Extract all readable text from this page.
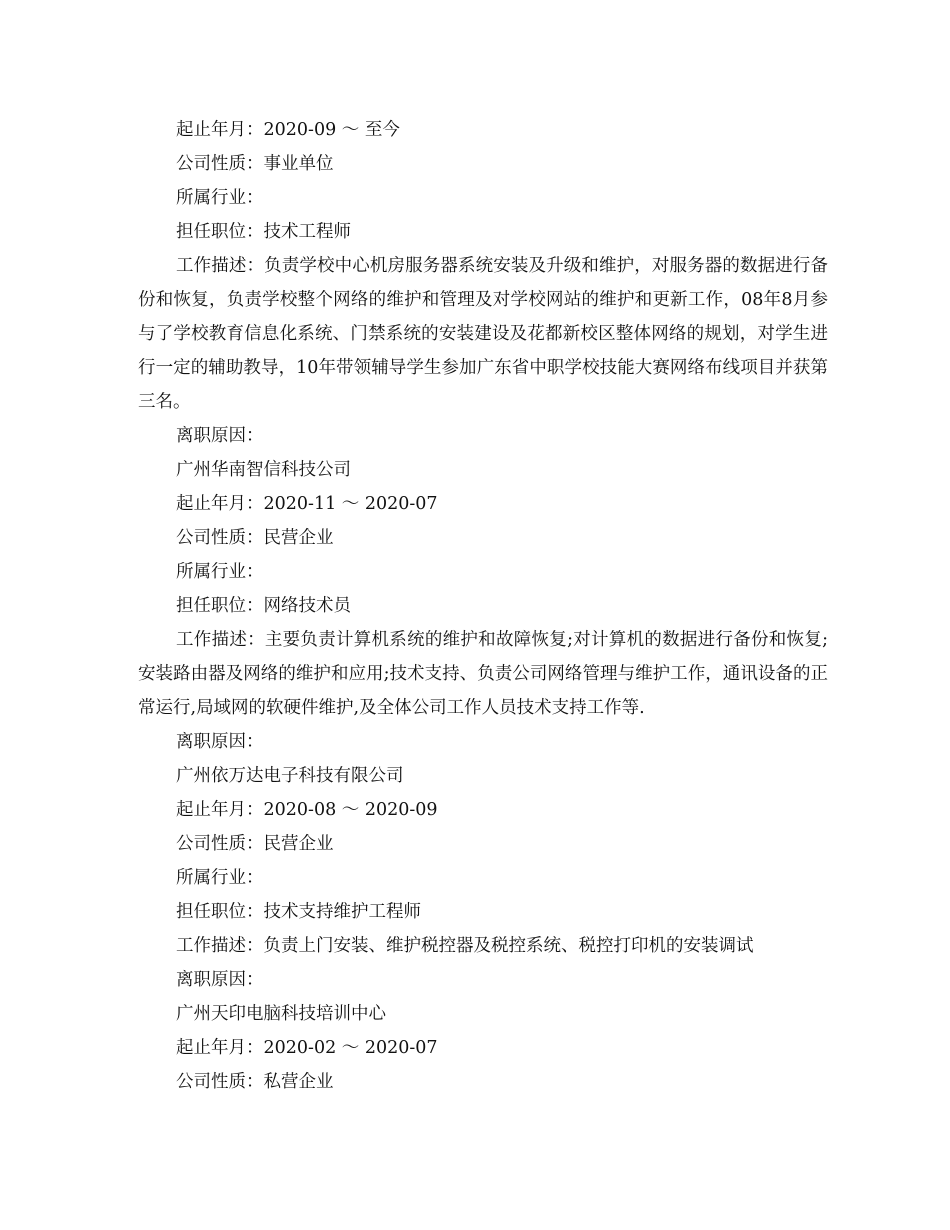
起止年月：2020-09 ～ 至今
公司性质：事业单位
所属行业：
担任职位：技术工程师
工作描述：负责学校中心机房服务器系统安装及升级和维护，对服务器的数据进行备份和恢复，负责学校整个网络的维护和管理及对学校网站的维护和更新工作，08年8月参与了学校教育信息化系统、门禁系统的安装建设及花都新校区整体网络的规划，对学生进行一定的辅助教导，10年带领辅导学生参加广东省中职学校技能大赛网络布线项目并获第三名。
离职原因：
广州华南智信科技公司
起止年月：2020-11 ～ 2020-07
公司性质：民营企业
所属行业：
担任职位：网络技术员
工作描述：主要负责计算机系统的维护和故障恢复;对计算机的数据进行备份和恢复;安装路由器及网络的维护和应用;技术支持、负责公司网络管理与维护工作，通讯设备的正常运行,局域网的软硬件维护,及全体公司工作人员技术支持工作等.
离职原因：
广州依万达电子科技有限公司
起止年月：2020-08 ～ 2020-09
公司性质：民营企业
所属行业：
担任职位：技术支持维护工程师
工作描述：负责上门安装、维护税控器及税控系统、税控打印机的安装调试
离职原因：
广州天印电脑科技培训中心
起止年月：2020-02 ～ 2020-07
公司性质：私营企业
